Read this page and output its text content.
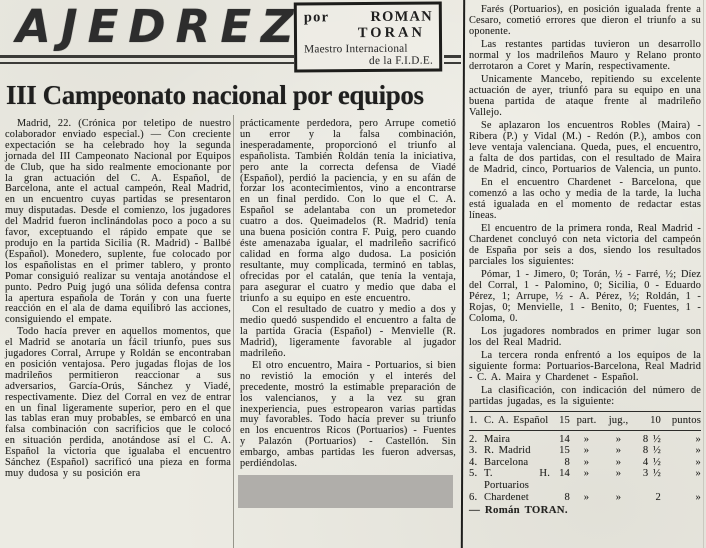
AJEDREZ por	ROMAN
TORAN
Maestro Internacional
de la F.I.D.E.
III Campeonato nacional por equipos

Madrid, 22. (Crónica por teletipo de nuestro colaborador enviado especial.) — Con creciente expectación se ha celebrado hoy la segunda jornada del III Campeonato Nacional por Equipos de Club, que ha sido realmente emocionante por la gran actuación del C. A. Español, de Barcelona, ante el actual campeón, Real Madrid, en un encuentro cuyas partidas se presentaron muy disputadas. Desde el comienzo, los jugadores del Madrid fueron inclinándolas poco a poco a su favor, exceptuando el rápido empate que se produjo en la partida Sicilia (R. Madrid) - Ballbé (Español). Monedero, suplente, fue colocado por los españolistas en el primer tablero, y pronto Pomar consiguió realizar su ventaja anotándose el punto. Pedro Puig jugó una sólida defensa contra la apertura española de Torán y con una fuerte reacción en el ala de dama equilibró las acciones, consiguiendo el empate.

Todo hacía prever en aquellos momentos, que el Madrid se anotaría un fácil triunfo, pues sus jugadores Corral, Arrupe y Roldán se encontraban en posición ventajosa. Pero jugadas flojas de los madrileños permitieron reaccionar a sus adversarios, García-Orús, Sánchez y Viadé, respectivamente. Diez del Corral en vez de entrar en un final ligeramente superior, pero en el que las tablas eran muy probables, se embarcó en una falsa combinación con sacrificios que le colocó en situación perdida, anotándose así el C. A. Español la victoria que igualaba el encuentro Sánchez (Español) sacrificó una pieza en forma muy dudosa y su posición era

prácticamente perdedora, pero Arrupe cometió un error y la falsa combinación, inesperadamente, proporcionó el triunfo al españolista. También Roldán tenía la iniciativa, pero ante la correcta defensa de Viadé (Español), perdió la paciencia, y en su afán de forzar los acontecimientos, vino a encontrarse en un final perdido. Con lo que el C. A. Español se adelantaba con un prometedor cuatro a dos. Queimadelos (R. Madrid) tenía una buena posición contra F. Puig, pero cuando éste amenazaba igualar, el madrileño sacrificó calidad en forma algo dudosa. La posición resultante, muy complicada, terminó en tablas, ofrecidas por el catalán, que tenía la ventaja, para asegurar el cuatro y medio que daba el triunfo a su equipo en este encuentro.

Con el resultado de cuatro y medio a dos y medio quedó suspendido el encuentro a falta de la partida Gracia (Español) - Menvielle (R. Madrid), ligeramente favorable al jugador madrileño.

El otro encuentro, Maira - Portuarios, si bien no revistió la emoción y el interés del precedente, mostró la estimable preparación de los valencianos, y a la vez su gran inexperiencia, pues estropearon varias partidas muy favorables. Todo hacía prever su triunfo en los encuentros Ricos (Portuarios) - Fuentes y Palazón (Portuarios) - Castellón. Sin embargo, ambas partidas les fueron adversas, perdiéndolas.

Farés (Portuarios), en posición igualada frente a Cesaro, cometió errores que dieron el triunfo a su oponente.

Las restantes partidas tuvieron un desarrollo normal y los madrileños Mauro y Relano pronto derrotaron a Coret y Marín, respectivamente.

Unicamente Mancebo, repitiendo su excelente actuación de ayer, triunfó para su equipo en una buena partida de ataque frente al madrileño Vallejo.

Se aplazaron los encuentros Robles (Maira) - Ribera (P.) y Vidal (M.) - Redón (P.), ambos con leve ventaja valenciana. Queda, pues, el encuentro, a falta de dos partidas, con el resultado de Maira de Madrid, cinco, Portuarios de Valencia, un punto.

En el encuentro Chardenet - Barcelona, que comenzó a las ocho y media de la tarde, la lucha está igualada en el momento de redactar estas líneas.

El encuentro de la primera ronda, Real Madrid - Chardenet concluyó con neta victoria del campeón de España por seis a dos, siendo los resultados parciales los siguientes:

Pómar, 1 - Jimero, 0; Torán, ½ - Farré, ½; Díez del Corral, 1 - Palomino, 0; Sicilia, 0 - Eduardo Pérez, 1; Arrupe, ½ - A. Pérez, ½; Roldán, 1 - Rojas, 0; Menvielle, 1 - Benito, 0; Fuentes, 1 - Coloma, 0.

Los jugadores nombrados en primer lugar son los del Real Madrid.

La tercera ronda enfrentó a los equipos de la siguiente forma: Portuarios-Barcelona, Real Madrid - C. A. Maira y Chardenet - Español.

La clasificación, con indicación del número de partidas jugadas, es la siguiente:

1. C. A. Español	15 part.	jug.,	10	puntos
2. Maira	14	»	»	8 ½	»
3. R. Madrid	15	»	»	8 ½	»
4. Barcelona	8	»	»	4 ½	»
5. T. H. Portuarios
14	»	»	3 ½	»
6. Chardenet	8	»	»	2	»
— Román TORAN.
